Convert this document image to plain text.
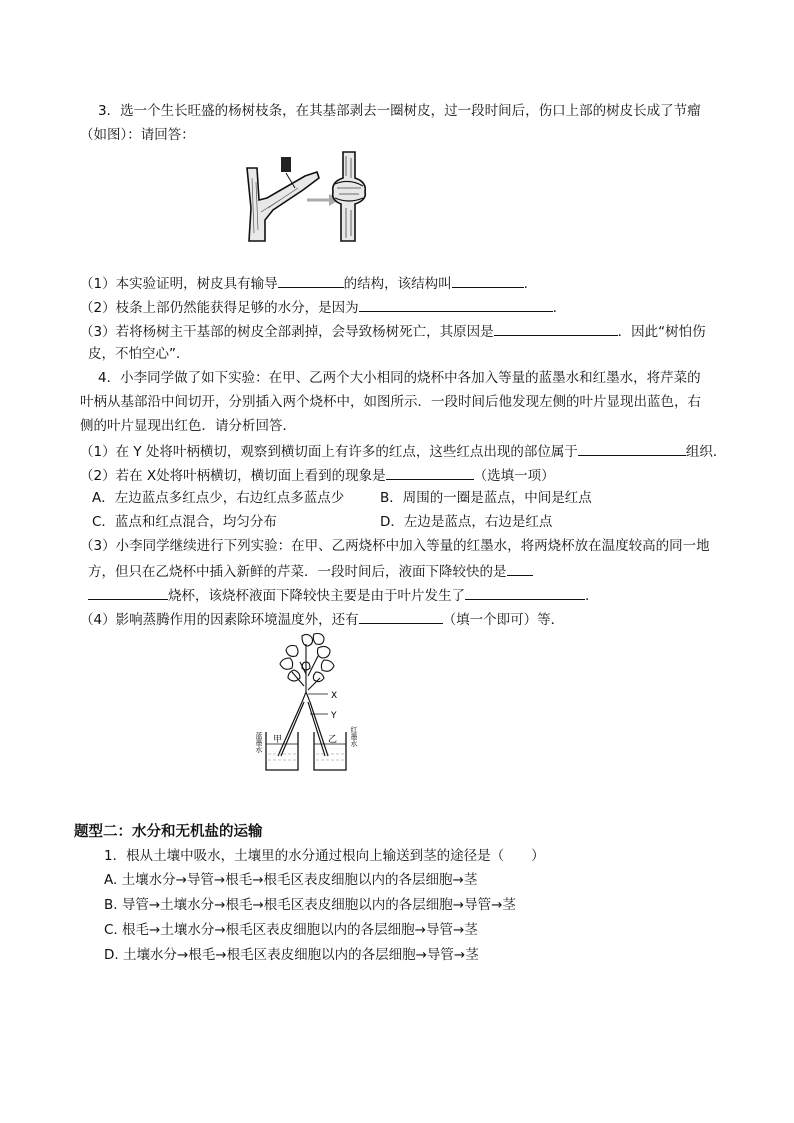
3．选一个生长旺盛的杨树枝条，在其基部剥去一圈树皮，过一段时间后，伤口上部的树皮长成了节瘤
（如图）：请回答：
（1）本实验证明，树皮具有输导	的结构，该结构叫	.
（2）枝条上部仍然能获得足够的水分，是因为	.
（3）若将杨树主干基部的树皮全部剥掉，会导致杨树死亡，其原因是	．因此“树怕伤
皮，不怕空心”．
4．小李同学做了如下实验：在甲、乙两个大小相同的烧杯中各加入等量的蓝墨水和红墨水，将芹菜的
叶柄从基部沿中间切开，分别插入两个烧杯中，如图所示．一段时间后他发现左侧的叶片显现出蓝色，右
侧的叶片显现出红色．请分析回答．
（1）在 Y 处将叶柄横切，观察到横切面上有许多的红点，这些红点出现的部位属于	组织．
（2）若在 X处将叶柄横切，横切面上看到的现象是	（选填一项）
A．左边蓝点多红点少，右边红点多蓝点少	B．周围的一圈是蓝点，中间是红点
C．蓝点和红点混合，均匀分布	D．左边是蓝点，右边是红点
（3）小李同学继续进行下列实验：在甲、乙两烧杯中加入等量的红墨水，将两烧杯放在温度较高的同一地
方，但只在乙烧杯中插入新鲜的芹菜．一段时间后，液面下降较快的是
烧杯，该烧杯液面下降较快主要是由于叶片发生了	.
（4）影响蒸腾作用的因素除环境温度外，还有	（填一个即可）等．
X
Y
甲	乙
蓝墨水	红墨水
题型二：水分和无机盐的运输
1．根从土壤中吸水，土壤里的水分通过根向上输送到茎的途径是（　　）
A. 土壤水分→导管→根毛→根毛区表皮细胞以内的各层细胞→茎
B. 导管→土壤水分→根毛→根毛区表皮细胞以内的各层细胞→导管→茎
C. 根毛→土壤水分→根毛区表皮细胞以内的各层细胞→导管→茎
D. 土壤水分→根毛→根毛区表皮细胞以内的各层细胞→导管→茎
